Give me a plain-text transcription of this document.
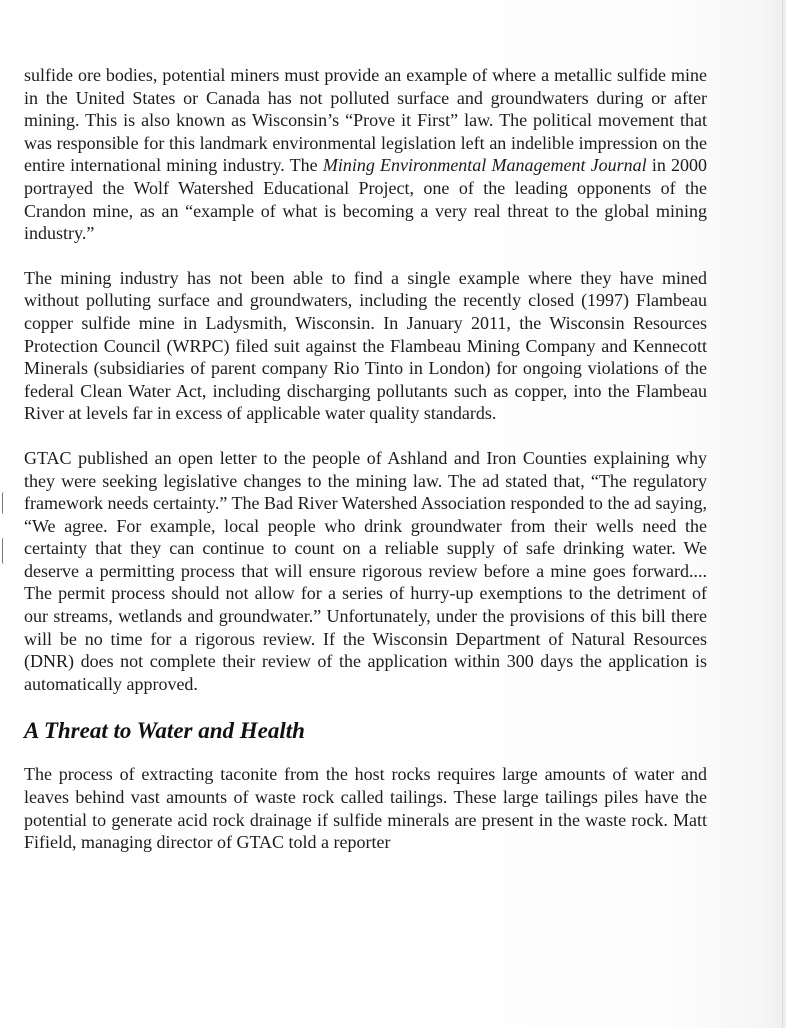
sulfide ore bodies, potential miners must provide an example of where a metallic sulfide mine in the United States or Canada has not polluted surface and groundwaters during or after mining. This is also known as Wisconsin’s “Prove it First” law. The political movement that was responsible for this landmark environmental legislation left an indelible impression on the entire international mining industry. The Mining Environmental Management Journal in 2000 portrayed the Wolf Watershed Educational Project, one of the leading opponents of the Crandon mine, as an “example of what is becoming a very real threat to the global mining industry.”

The mining industry has not been able to find a single example where they have mined without polluting surface and groundwaters, including the recently closed (1997) Flambeau copper sulfide mine in Ladysmith, Wisconsin. In January 2011, the Wisconsin Resources Protection Council (WRPC) filed suit against the Flambeau Mining Company and Kennecott Minerals (subsidiaries of parent company Rio Tinto in London) for ongoing violations of the federal Clean Water Act, including discharging pollutants such as copper, into the Flambeau River at levels far in excess of applicable water quality standards.

GTAC published an open letter to the people of Ashland and Iron Counties explaining why they were seeking legislative changes to the mining law. The ad stated that, “The regulatory framework needs certainty.” The Bad River Watershed Association responded to the ad saying, “We agree. For example, local people who drink groundwater from their wells need the certainty that they can continue to count on a reliable supply of safe drinking water. We deserve a permitting process that will ensure rigorous review before a mine goes forward.... The permit process should not allow for a series of hurry-up exemptions to the detriment of our streams, wetlands and groundwater.” Unfortunately, under the provisions of this bill there will be no time for a rigorous review. If the Wisconsin Department of Natural Resources (DNR) does not complete their review of the application within 300 days the application is automatically approved.

A Threat to Water and Health

The process of extracting taconite from the host rocks requires large amounts of water and leaves behind vast amounts of waste rock called tailings. These large tailings piles have the potential to generate acid rock drainage if sulfide minerals are present in the waste rock. Matt Fifield, managing director of GTAC told a reporter
